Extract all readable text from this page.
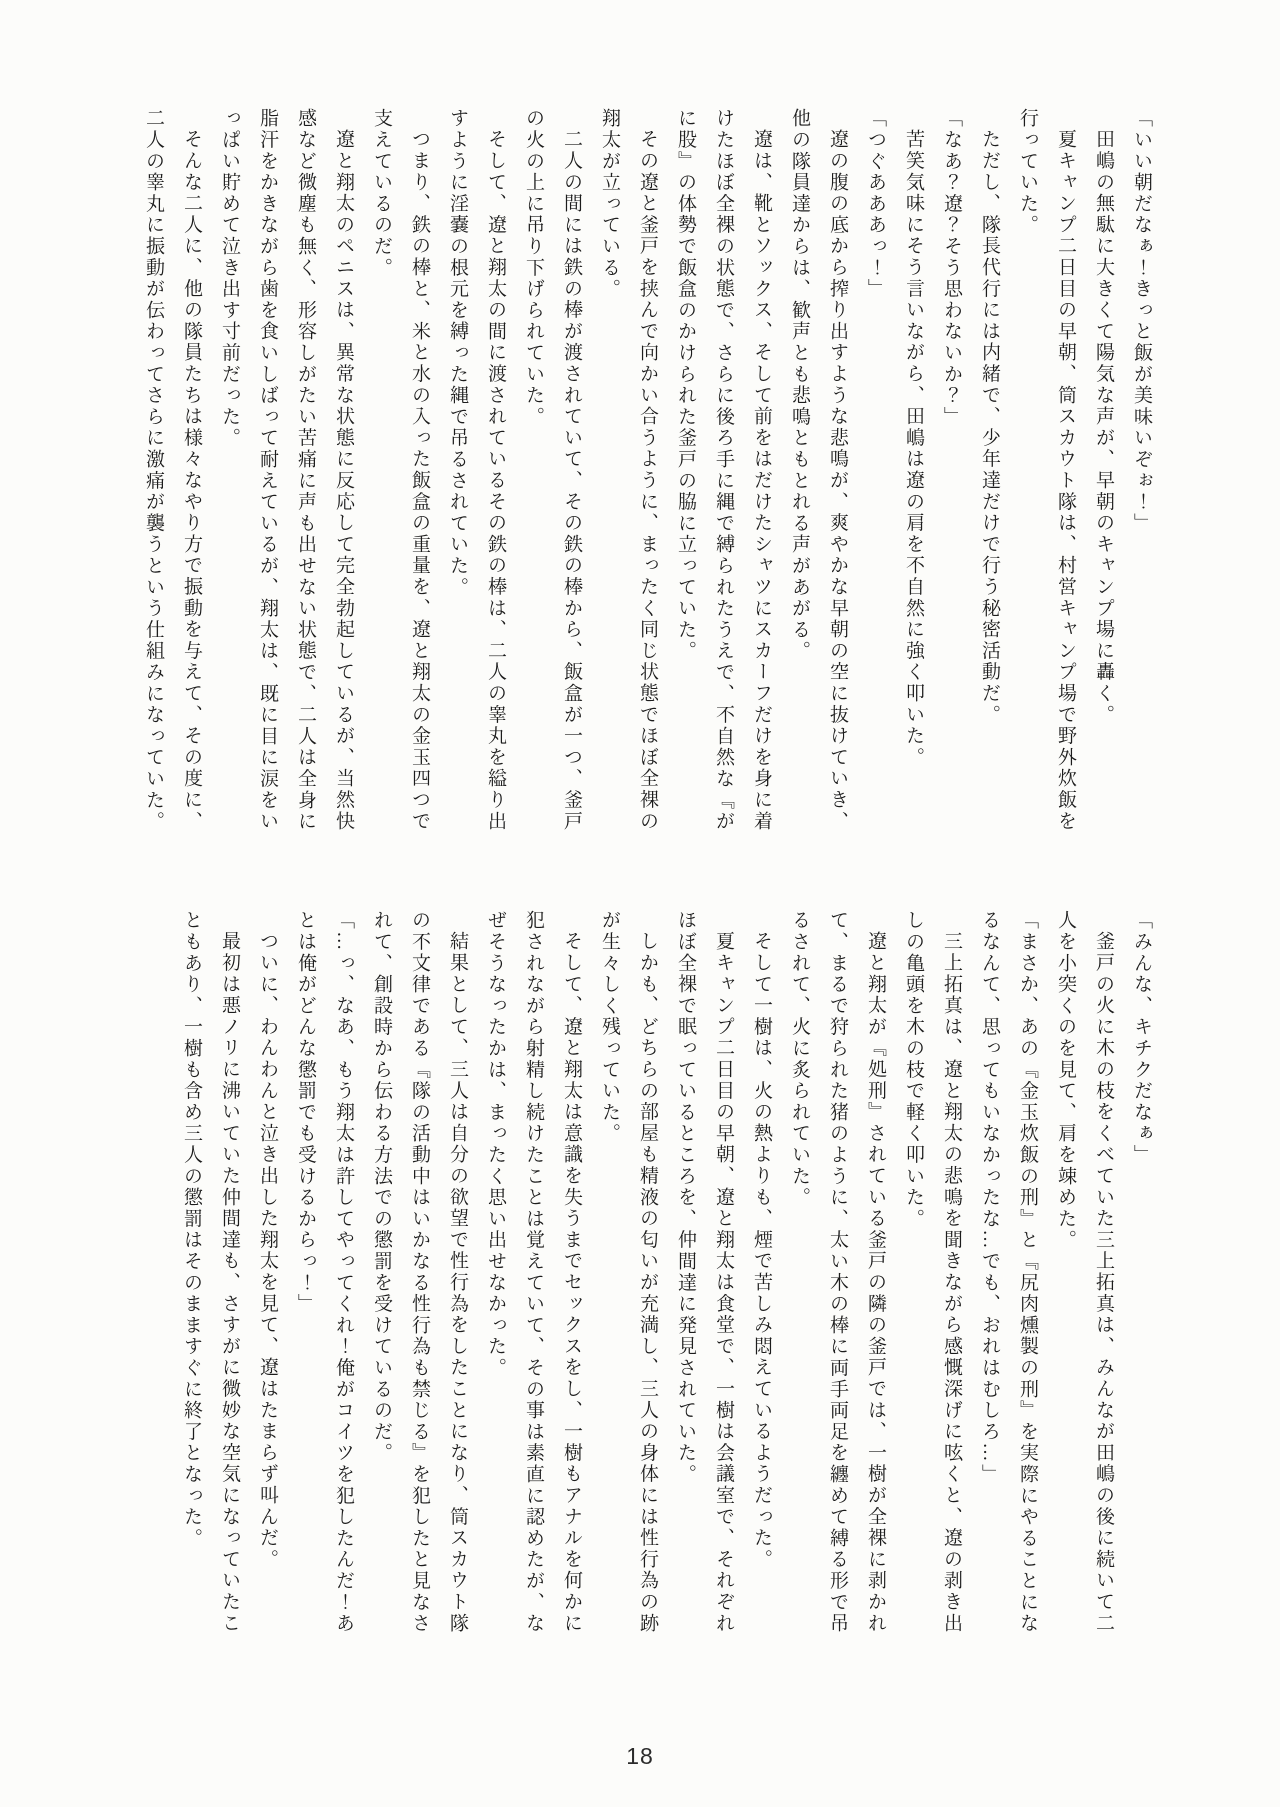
「いい朝だなぁ！きっと飯が美味いぞぉ！」

田嶋の無駄に大きくて陽気な声が、早朝のキャンプ場に轟く。

夏キャンプ二日目の早朝、筒スカウト隊は、村営キャンプ場で野外炊飯を行っていた。

ただし、隊長代行には内緒で、少年達だけで行う秘密活動だ。

「なあ？遼？そう思わないか？」

苦笑気味にそう言いながら、田嶋は遼の肩を不自然に強く叩いた。

「つぐあああっ！」

遼の腹の底から搾り出すような悲鳴が、爽やかな早朝の空に抜けていき、他の隊員達からは、歓声とも悲鳴ともとれる声があがる。

遼は、靴とソックス、そして前をはだけたシャツにスカーフだけを身に着けたほぼ全裸の状態で、さらに後ろ手に縄で縛られたうえで、不自然な『がに股』の体勢で飯盒のかけられた釜戸の脇に立っていた。

その遼と釜戸を挟んで向かい合うように、まったく同じ状態でほぼ全裸の翔太が立っている。

二人の間には鉄の棒が渡されていて、その鉄の棒から、飯盒が一つ、釜戸の火の上に吊り下げられていた。

そして、遼と翔太の間に渡されているその鉄の棒は、二人の睾丸を縊り出すように淫嚢の根元を縛った縄で吊るされていた。

つまり、鉄の棒と、米と水の入った飯盒の重量を、遼と翔太の金玉四つで支えているのだ。

遼と翔太のペニスは、異常な状態に反応して完全勃起しているが、当然快感など微塵も無く、形容しがたい苦痛に声も出せない状態で、二人は全身に脂汗をかきながら歯を食いしばって耐えているが、翔太は、既に目に涙をいっぱい貯めて泣き出す寸前だった。

そんな二人に、他の隊員たちは様々なやり方で振動を与えて、その度に、二人の睾丸に振動が伝わってさらに激痛が襲うという仕組みになっていた。

「みんな、キチクだなぁ」

釜戸の火に木の枝をくべていた三上拓真は、みんなが田嶋の後に続いて二人を小突くのを見て、肩を竦めた。

「まさか、あの『金玉炊飯の刑』と『尻肉燻製の刑』を実際にやることになるなんて、思ってもいなかったな…でも、おれはむしろ…」

三上拓真は、遼と翔太の悲鳴を聞きながら感慨深げに呟くと、遼の剥き出しの亀頭を木の枝で軽く叩いた。

遼と翔太が『処刑』されている釜戸の隣の釜戸では、一樹が全裸に剥かれて、まるで狩られた猪のように、太い木の棒に両手両足を纏めて縛る形で吊るされて、火に炙られていた。

そして一樹は、火の熱よりも、煙で苦しみ悶えているようだった。

夏キャンプ二日目の早朝、遼と翔太は食堂で、一樹は会議室で、それぞれほぼ全裸で眠っているところを、仲間達に発見されていた。

しかも、どちらの部屋も精液の匂いが充満し、三人の身体には性行為の跡が生々しく残っていた。

そして、遼と翔太は意識を失うまでセックスをし、一樹もアナルを何かに犯されながら射精し続けたことは覚えていて、その事は素直に認めたが、なぜそうなったかは、まったく思い出せなかった。

結果として、三人は自分の欲望で性行為をしたことになり、筒スカウト隊の不文律である『隊の活動中はいかなる性行為も禁じる』を犯したと見なされて、創設時から伝わる方法での懲罰を受けているのだ。

「…っ、なあ、もう翔太は許してやってくれ！俺がコイツを犯したんだ！あとは俺がどんな懲罰でも受けるからっ！」

ついに、わんわんと泣き出した翔太を見て、遼はたまらず叫んだ。

最初は悪ノリに沸いていた仲間達も、さすがに微妙な空気になっていたこともあり、一樹も含め三人の懲罰はそのまますぐに終了となった。

18
